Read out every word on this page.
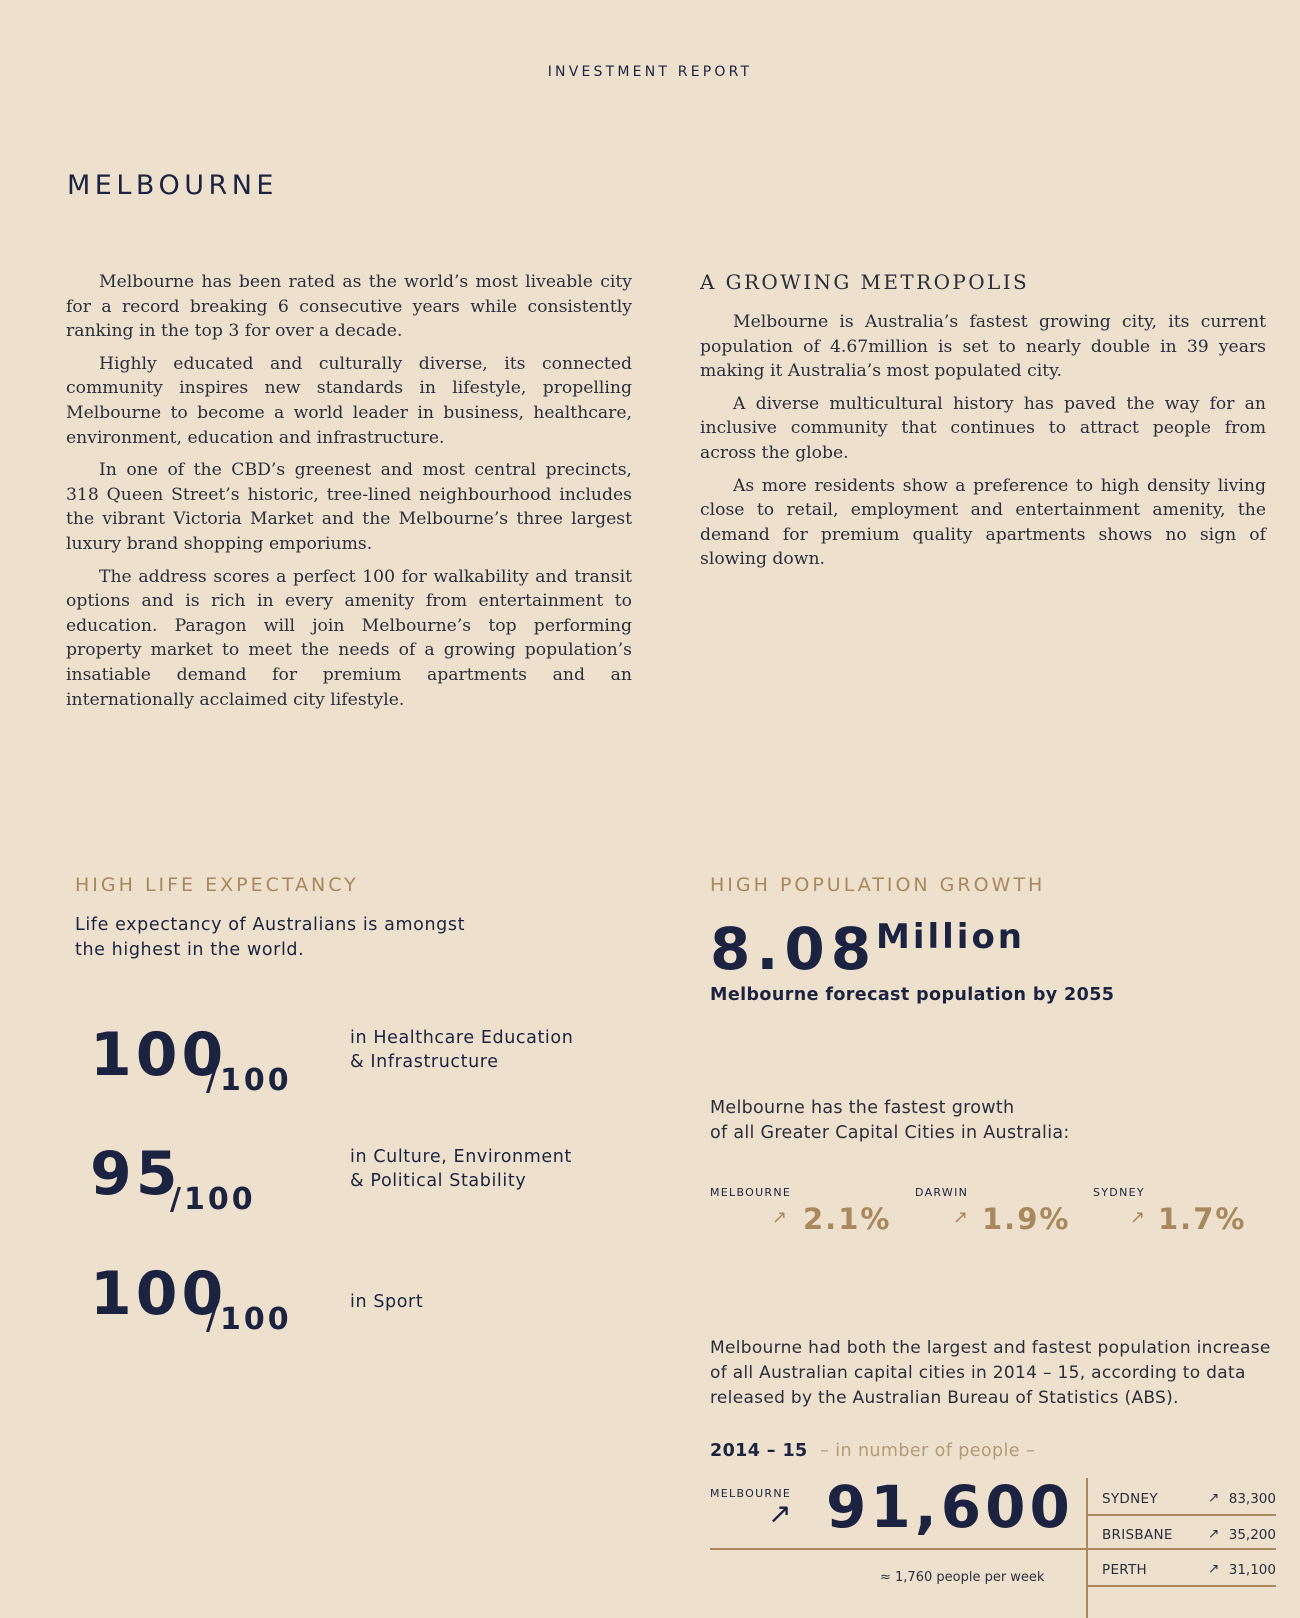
INVESTMENT REPORT
MELBOURNE

Melbourne has been rated as the world’s most liveable city for a record breaking 6 consecutive years while consistently ranking in the top 3 for over a decade.

Highly educated and culturally diverse, its connected community inspires new standards in lifestyle, propelling Melbourne to become a world leader in business, healthcare, environment, education and infrastructure.

In one of the CBD’s greenest and most central precincts, 318 Queen Street’s historic, tree-lined neighbourhood includes the vibrant Victoria Market and the Melbourne’s three largest luxury brand shopping emporiums.

The address scores a perfect 100 for walkability and transit options and is rich in every amenity from entertainment to education. Paragon will join Melbourne’s top performing property market to meet the needs of a growing population’s insatiable demand for premium apartments and an internationally acclaimed city lifestyle.

A GROWING METROPOLIS

Melbourne is Australia’s fastest growing city, its current population of 4.67million is set to nearly double in 39 years making it Australia’s most populated city.

A diverse multicultural history has paved the way for an inclusive community that continues to attract people from across the globe.

As more residents show a preference to high density living close to retail, employment and entertainment amenity, the demand for premium quality apartments shows no sign of slowing down.

HIGH LIFE EXPECTANCY
Life expectancy of Australians is amongst
the highest in the world.
100
/100
in Healthcare Education
& Infrastructure
95
/100
in Culture, Environment
& Political Stability
100
/100	in Sport
HIGH POPULATION GROWTH
8.08
Million
Melbourne forecast population by 2055
Melbourne has the fastest growth
of all Greater Capital Cities in Australia:
MELBOURNE
↗ 2.1%
DARWIN
↗ 1.9%
SYDNEY
↗ 1.7%
Melbourne had both the largest and fastest population increase
of all Australian capital cities in 2014 – 15, according to data
released by the Australian Bureau of Statistics (ABS).
2014 – 15 – in number of people –
MELBOURNE
↗ 91,600
≈ 1,760 people per week
SYDNEY	↗ 83,300
BRISBANE	↗ 35,200
PERTH	↗ 31,100
